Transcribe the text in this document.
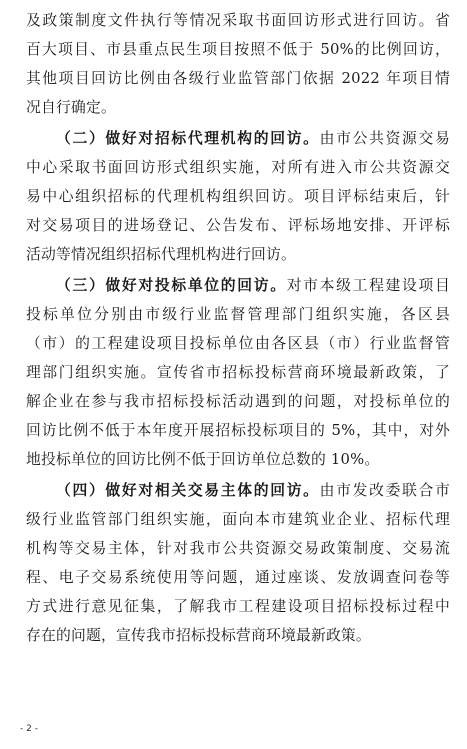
及政策制度文件执行等情况采取书面回访形式进行回访。省
百大项目、市县重点民生项目按照不低于 50%的比例回访，
其他项目回访比例由各级行业监管部门依据 2022 年项目情
况自行确定。
（二）做好对招标代理机构的回访。由市公共资源交易
中心采取书面回访形式组织实施，对所有进入市公共资源交
易中心组织招标的代理机构组织回访。项目评标结束后，针
对交易项目的进场登记、公告发布、评标场地安排、开评标
活动等情况组织招标代理机构进行回访。
（三）做好对投标单位的回访。对市本级工程建设项目
投标单位分别由市级行业监督管理部门组织实施，各区县
（市）的工程建设项目投标单位由各区县（市）行业监督管
理部门组织实施。宣传省市招标投标营商环境最新政策，了
解企业在参与我市招标投标活动遇到的问题，对投标单位的
回访比例不低于本年度开展招标投标项目的 5%，其中，对外
地投标单位的回访比例不低于回访单位总数的 10%。
（四）做好对相关交易主体的回访。由市发改委联合市
级行业监管部门组织实施，面向本市建筑业企业、招标代理
机构等交易主体，针对我市公共资源交易政策制度、交易流
程、电子交易系统使用等问题，通过座谈、发放调查问卷等
方式进行意见征集，了解我市工程建设项目招标投标过程中
存在的问题，宣传我市招标投标营商环境最新政策。
- 2 -
